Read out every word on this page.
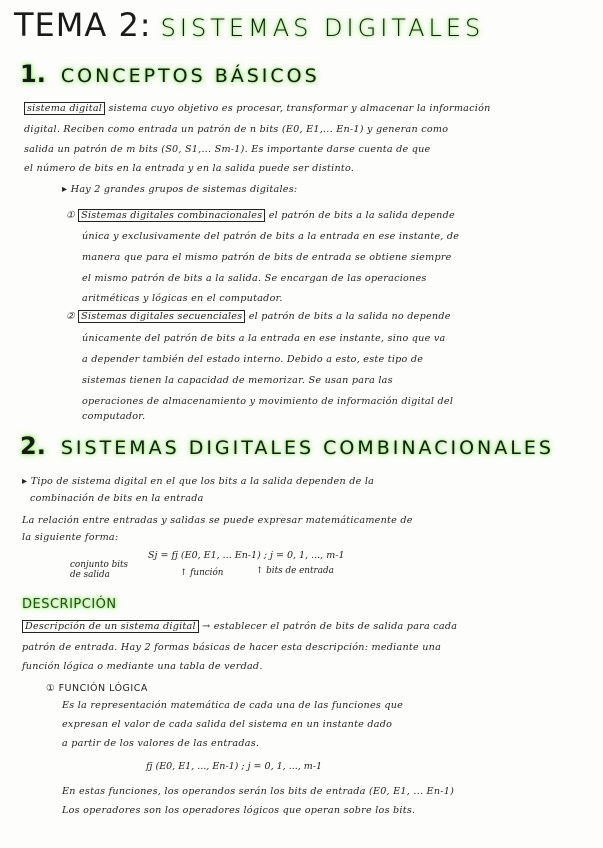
TEMA 2: SISTEMAS DIGITALES
1. CONCEPTOS BÁSICOS
sistema digital sistema cuyo objetivo es procesar, transformar y almacenar la información
digital. Reciben como entrada un patrón de n bits (E0, E1,... En-1) y generan como
salida un patrón de m bits (S0, S1,... Sm-1). Es importante darse cuenta de que
el número de bits en la entrada y en la salida puede ser distinto.
▸ Hay 2 grandes grupos de sistemas digitales:
① Sistemas digitales combinacionales el patrón de bits a la salida depende
única y exclusivamente del patrón de bits a la entrada en ese instante, de
manera que para el mismo patrón de bits de entrada se obtiene siempre
el mismo patrón de bits a la salida. Se encargan de las operaciones
aritméticas y lógicas en el computador.
② Sistemas digitales secuenciales el patrón de bits a la salida no depende
únicamente del patrón de bits a la entrada en ese instante, sino que va
a depender también del estado interno. Debido a esto, este tipo de
sistemas tienen la capacidad de memorizar. Se usan para las
operaciones de almacenamiento y movimiento de información digital del
computador.
2. SISTEMAS DIGITALES COMBINACIONALES
▸ Tipo de sistema digital en el que los bits a la salida dependen de la
combinación de bits en la entrada
La relación entre entradas y salidas se puede expresar matemáticamente de
la siguiente forma:
Sj = fj (E0, E1, ... En-1) ; j = 0, 1, ..., m-1
conjunto bits
de salida	↑ función	↑ bits de entrada
DESCRIPCIÓN
Descripción de un sistema digital → establecer el patrón de bits de salida para cada
patrón de entrada. Hay 2 formas básicas de hacer esta descripción: mediante una
función lógica o mediante una tabla de verdad.
① FUNCIÓN LÓGICA
Es la representación matemática de cada una de las funciones que
expresan el valor de cada salida del sistema en un instante dado
a partir de los valores de las entradas.
fj (E0, E1, ..., En-1) ; j = 0, 1, ..., m-1
En estas funciones, los operandos serán los bits de entrada (E0, E1, ... En-1)
Los operadores son los operadores lógicos que operan sobre los bits.
